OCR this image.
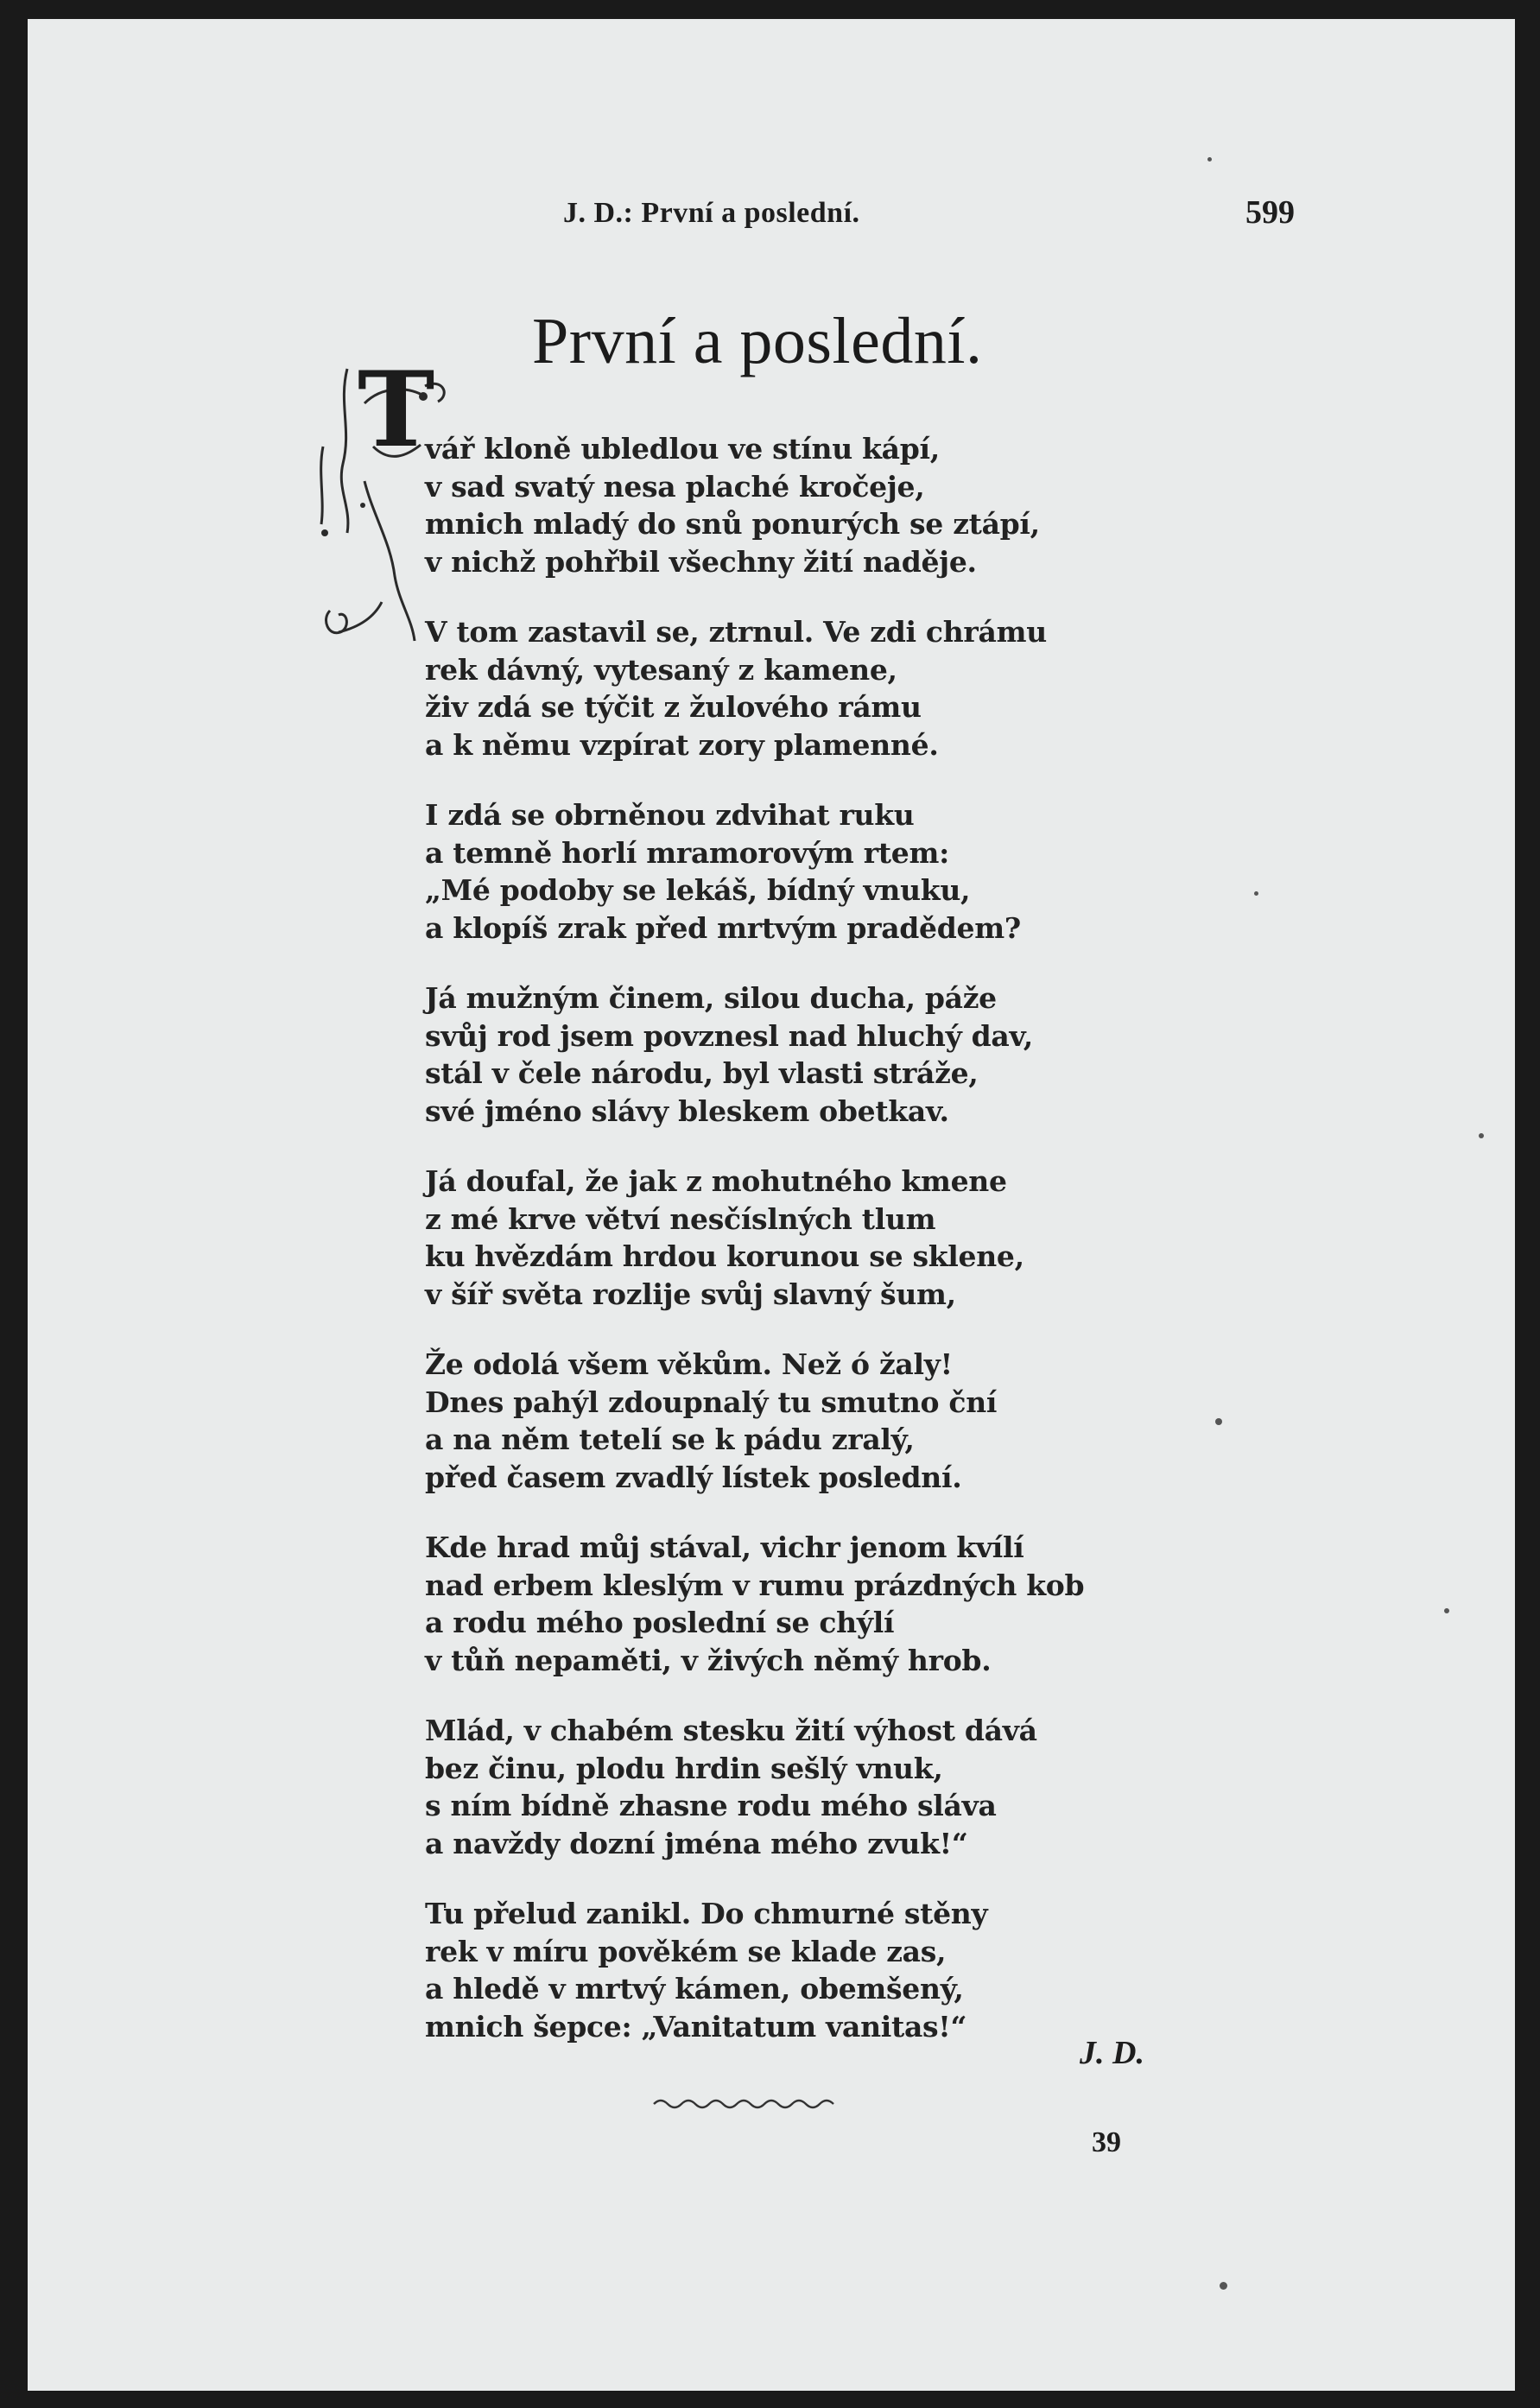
J. D.: První a poslední.	599
První a poslední.
T
vář kloně ubledlou ve stínu kápí,
v sad svatý nesa plaché kročeje,
mnich mladý do snů ponurých se ztápí,
v nichž pohřbil všechny žití naděje.
V tom zastavil se, ztrnul. Ve zdi chrámu
rek dávný, vytesaný z kamene,
živ zdá se týčit z žulového rámu
a k němu vzpírat zory plamenné.
I zdá se obrněnou zdvihat ruku
a temně horlí mramorovým rtem:
„Mé podoby se lekáš, bídný vnuku,
a klopíš zrak před mrtvým pradědem?
Já mužným činem, silou ducha, páže
svůj rod jsem povznesl nad hluchý dav,
stál v čele národu, byl vlasti stráže,
své jméno slávy bleskem obetkav.
Já doufal, že jak z mohutného kmene
z mé krve větví nesčíslných tlum
ku hvězdám hrdou korunou se sklene,
v šíř světa rozlije svůj slavný šum,
Že odolá všem věkům. Než ó žaly!
Dnes pahýl zdoupnalý tu smutno ční
a na něm tetelí se k pádu zralý,
před časem zvadlý lístek poslední.
Kde hrad můj stával, vichr jenom kvílí
nad erbem kleslým v rumu prázdných kob
a rodu mého poslední se chýlí
v tůň nepaměti, v živých němý hrob.
Mlád, v chabém stesku žití výhost dává
bez činu, plodu hrdin sešlý vnuk,
s ním bídně zhasne rodu mého sláva
a navždy dozní jména mého zvuk!“
Tu přelud zanikl. Do chmurné stěny
rek v míru pověkém se klade zas,
a hledě v mrtvý kámen, obemšený,
mnich šepce: „Vanitatum vanitas!“
J. D.
39
